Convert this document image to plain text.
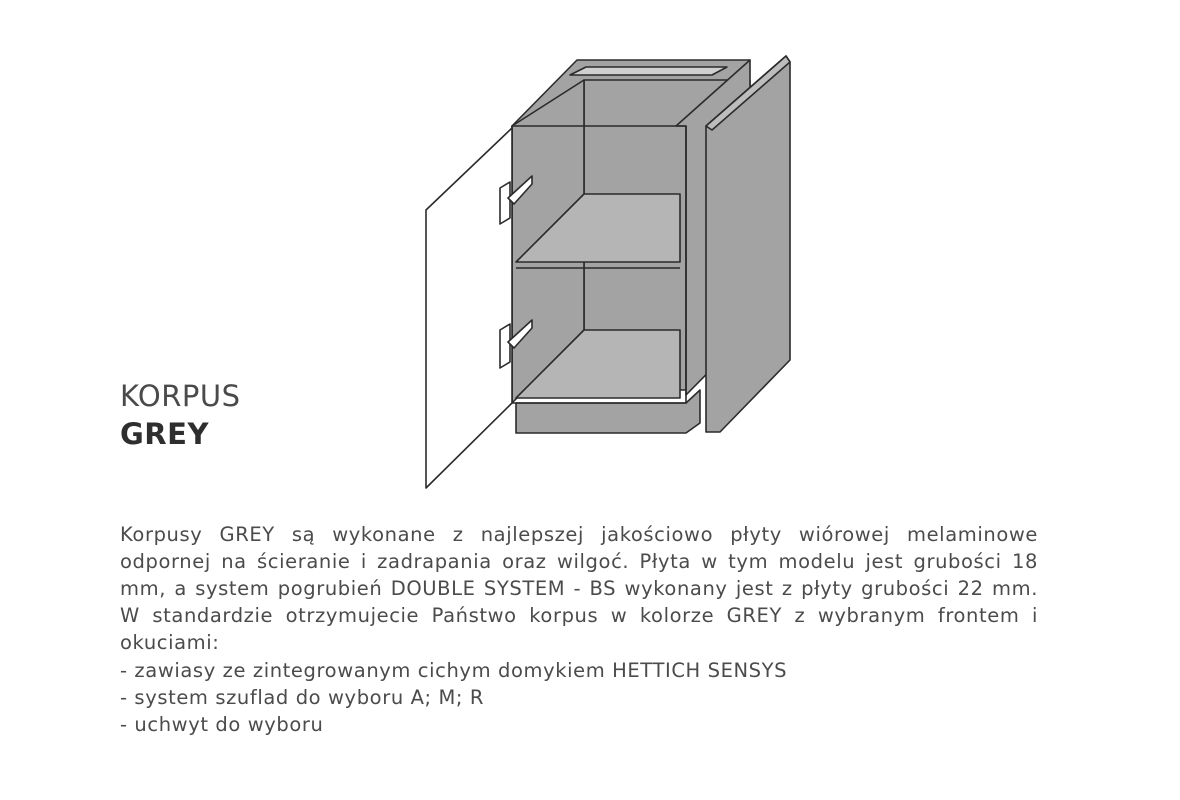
KORPUS
GREY

Korpusy GREY są wykonane z najlepszej jakościowo płyty wiórowej melaminowe odpornej na ścieranie i zadrapania oraz wilgoć. Płyta w tym modelu jest grubości 18 mm, a system pogrubień DOUBLE SYSTEM - BS wykonany jest z płyty grubości 22 mm. W standardzie otrzymujecie Państwo korpus w kolorze GREY z wybranym frontem i okuciami:

- zawiasy ze zintegrowanym cichym domykiem HETTICH SENSYS
- system szuflad do wyboru A; M; R
- uchwyt do wyboru
